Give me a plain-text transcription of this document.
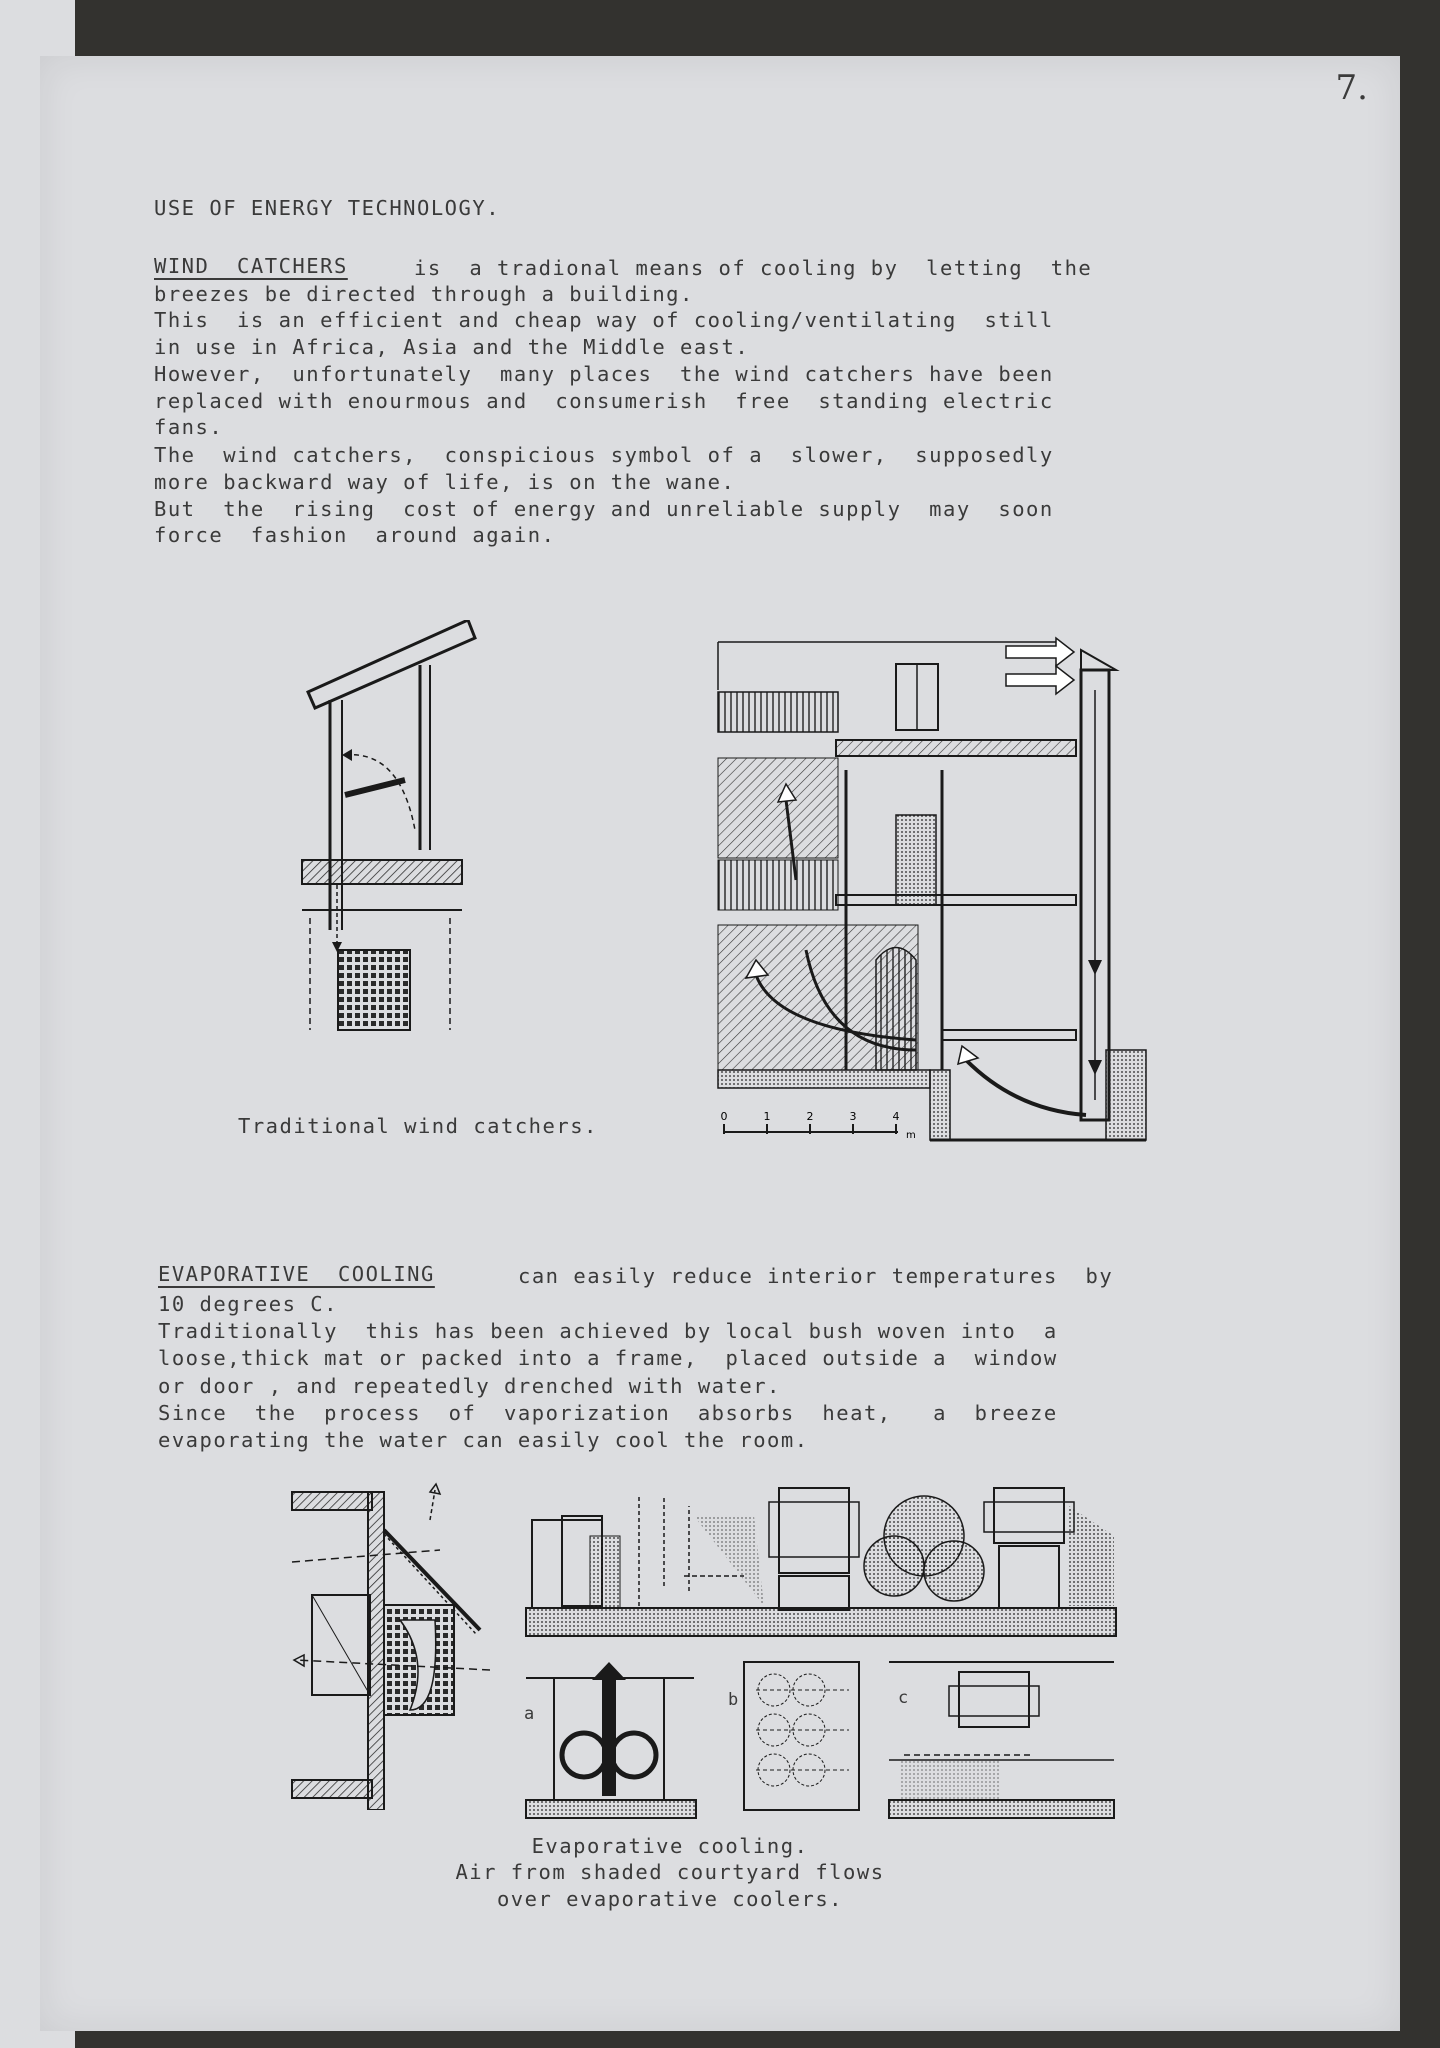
7.
USE OF ENERGY TECHNOLOGY.
WIND  CATCHERS	is  a tradional means of cooling by  letting  the
breezes be directed through a building.
This  is an efficient and cheap way of cooling/ventilating  still
in use in Africa, Asia and the Middle east.
However,  unfortunately  many places  the wind catchers have been
replaced with enourmous and  consumerish  free  standing electric
fans.
The  wind catchers,  conspicious symbol of a  slower,  supposedly
more backward way of life, is on the wane.
But  the  rising  cost of energy and unreliable supply  may  soon
force  fashion  around again.
Traditional wind catchers.	0	1	2	3	4
m
EVAPORATIVE  COOLING	can easily reduce interior temperatures  by
10 degrees C.
Traditionally  this has been achieved by local bush woven into  a
loose,thick mat or packed into a frame,  placed outside a  window
or door , and repeatedly drenched with water.
Since  the  process  of  vaporization  absorbs  heat,   a  breeze
evaporating the water can easily cool the room.
a
b	c
Evaporative cooling.
Air from shaded courtyard flows
over evaporative coolers.
